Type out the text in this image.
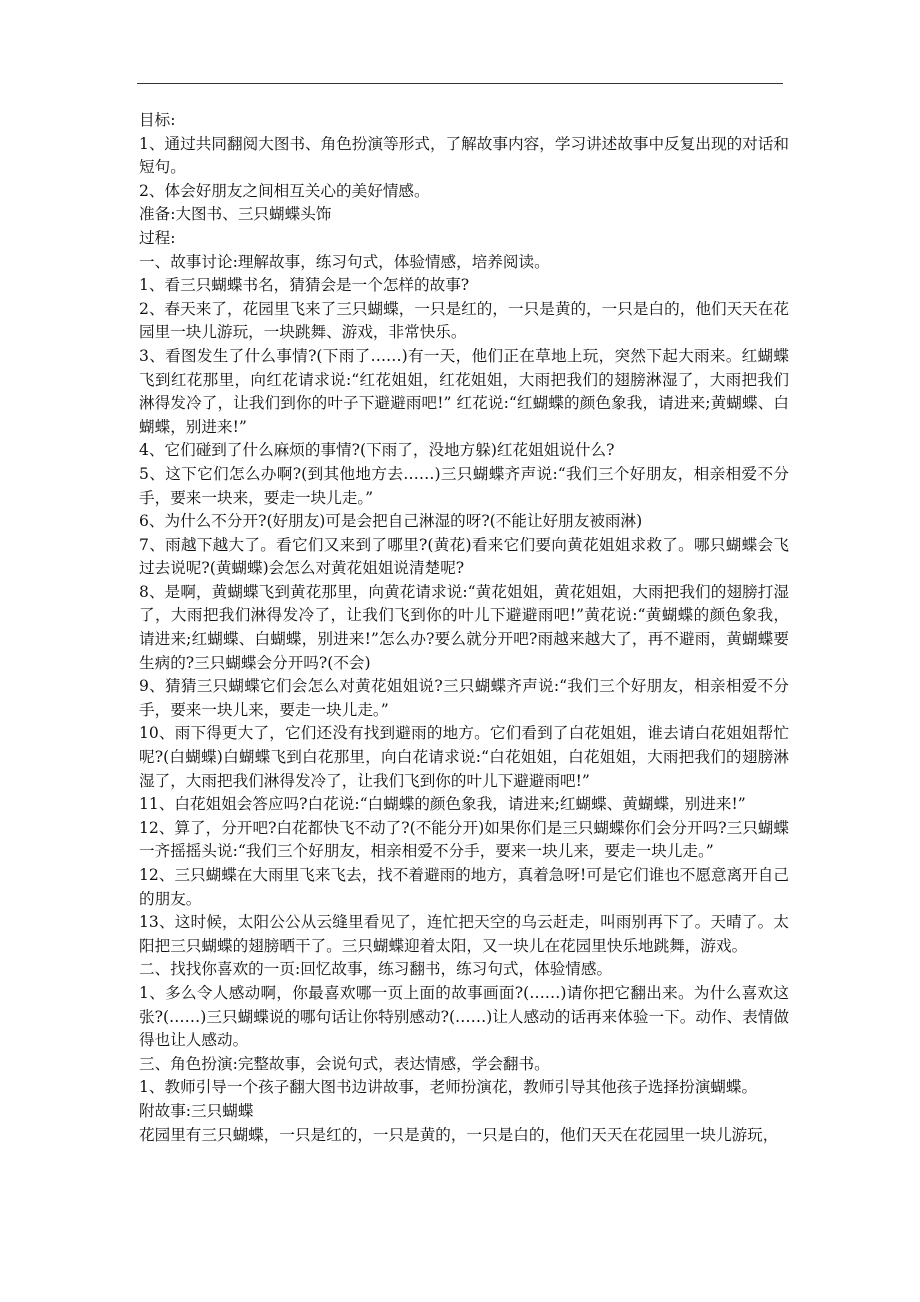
目标:

1、通过共同翻阅大图书、角色扮演等形式，了解故事内容，学习讲述故事中反复出现的对话和短句。

2、体会好朋友之间相互关心的美好情感。

准备:大图书、三只蝴蝶头饰

过程:

一、故事讨论:理解故事，练习句式，体验情感，培养阅读。

1、看三只蝴蝶书名，猜猜会是一个怎样的故事?

2、春天来了，花园里飞来了三只蝴蝶，一只是红的，一只是黄的，一只是白的，他们天天在花园里一块儿游玩，一块跳舞、游戏，非常快乐。

3、看图发生了什么事情?(下雨了……)有一天，他们正在草地上玩，突然下起大雨来。红蝴蝶飞到红花那里，向红花请求说:“红花姐姐，红花姐姐，大雨把我们的翅膀淋湿了，大雨把我们淋得发冷了，让我们到你的叶子下避避雨吧!” 红花说:“红蝴蝶的颜色象我，请进来;黄蝴蝶、白蝴蝶，别进来!”

4、它们碰到了什么麻烦的事情?(下雨了，没地方躲)红花姐姐说什么?

5、这下它们怎么办啊?(到其他地方去……)三只蝴蝶齐声说:“我们三个好朋友，相亲相爱不分手，要来一块来，要走一块儿走。”

6、为什么不分开?(好朋友)可是会把自己淋湿的呀?(不能让好朋友被雨淋)

7、雨越下越大了。看它们又来到了哪里?(黄花)看来它们要向黄花姐姐求救了。哪只蝴蝶会飞过去说呢?(黄蝴蝶)会怎么对黄花姐姐说清楚呢?

8、是啊，黄蝴蝶飞到黄花那里，向黄花请求说:“黄花姐姐，黄花姐姐，大雨把我们的翅膀打湿了，大雨把我们淋得发冷了，让我们飞到你的叶儿下避避雨吧!”黄花说:“黄蝴蝶的颜色象我，请进来;红蝴蝶、白蝴蝶，别进来!”怎么办?要么就分开吧?雨越来越大了，再不避雨，黄蝴蝶要生病的?三只蝴蝶会分开吗?(不会)

9、猜猜三只蝴蝶它们会怎么对黄花姐姐说?三只蝴蝶齐声说:“我们三个好朋友，相亲相爱不分手，要来一块儿来，要走一块儿走。”

10、雨下得更大了，它们还没有找到避雨的地方。它们看到了白花姐姐，谁去请白花姐姐帮忙呢?(白蝴蝶)白蝴蝶飞到白花那里，向白花请求说:“白花姐姐，白花姐姐，大雨把我们的翅膀淋湿了，大雨把我们淋得发冷了，让我们飞到你的叶儿下避避雨吧!”

11、白花姐姐会答应吗?白花说:“白蝴蝶的颜色象我，请进来;红蝴蝶、黄蝴蝶，别进来!”

12、算了，分开吧?白花都快飞不动了?(不能分开)如果你们是三只蝴蝶你们会分开吗?三只蝴蝶一齐摇摇头说:“我们三个好朋友，相亲相爱不分手，要来一块儿来，要走一块儿走。”

12、三只蝴蝶在大雨里飞来飞去，找不着避雨的地方，真着急呀!可是它们谁也不愿意离开自己的朋友。

13、这时候，太阳公公从云缝里看见了，连忙把天空的乌云赶走，叫雨别再下了。天晴了。太阳把三只蝴蝶的翅膀晒干了。三只蝴蝶迎着太阳，又一块儿在花园里快乐地跳舞，游戏。

二、找找你喜欢的一页:回忆故事，练习翻书，练习句式，体验情感。

1、多么令人感动啊，你最喜欢哪一页上面的故事画面?(……)请你把它翻出来。为什么喜欢这张?(……)三只蝴蝶说的哪句话让你特别感动?(……)让人感动的话再来体验一下。动作、表情做得也让人感动。

三、角色扮演:完整故事，会说句式，表达情感，学会翻书。

1、教师引导一个孩子翻大图书边讲故事，老师扮演花，教师引导其他孩子选择扮演蝴蝶。

附故事:三只蝴蝶

花园里有三只蝴蝶，一只是红的，一只是黄的，一只是白的，他们天天在花园里一块儿游玩，
